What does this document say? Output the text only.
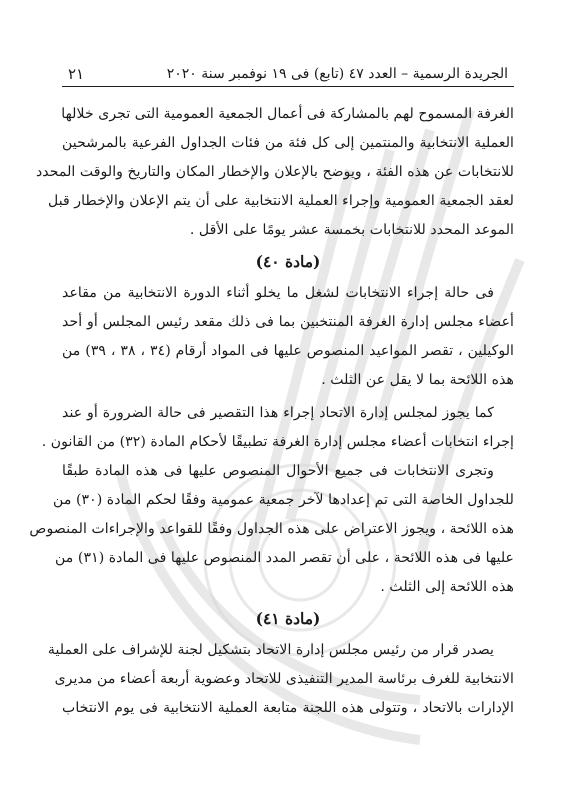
الجريدة الرسمية – العدد ٤٧ (تابع) فى ١٩ نوفمبر سنة ٢٠٢٠
٢١

الغرفة المسموح لهم بالمشاركة فى أعمال الجمعية العمومية التى تجرى خلالها
العملية الانتخابية والمنتمين إلى كل فئة من فئات الجداول الفرعية بالمرشحين
للانتخابات عن هذه الفئة ، ويوضح بالإعلان والإخطار المكان والتاريخ والوقت المحدد
لعقد الجمعية العمومية وإجراء العملية الانتخابية على أن يتم الإعلان والإخطار قبل
الموعد المحدد للانتخابات بخمسة عشر يومًا على الأقل .

(مادة ٤٠)

فى حالة إجراء الانتخابات لشغل ما يخلو أثناء الدورة الانتخابية من مقاعد
أعضاء مجلس إدارة الغرفة المنتخبين بما فى ذلك مقعد رئيس المجلس أو أحد
الوكيلين ، تقصر المواعيد المنصوص عليها فى المواد أرقام (٣٤ ، ٣٨ ، ٣٩) من
هذه اللائحة بما لا يقل عن الثلث .

كما يجوز لمجلس إدارة الاتحاد إجراء هذا التقصير فى حالة الضرورة أو عند
إجراء انتخابات أعضاء مجلس إدارة الغرفة تطبيقًا لأحكام المادة (٣٢) من القانون .

وتجرى الانتخابات فى جميع الأحوال المنصوص عليها فى هذه المادة طبقًا
للجداول الخاصة التى تم إعدادها لآخر جمعية عمومية وفقًا لحكم المادة (٣٠) من
هذه اللائحة ، ويجوز الاعتراض على هذه الجداول وفقًا للقواعد والإجراءات المنصوص
عليها فى هذه اللائحة ، على أن تقصر المدد المنصوص عليها فى المادة (٣١) من
هذه اللائحة إلى الثلث .

(مادة ٤١)

يصدر قرار من رئيس مجلس إدارة الاتحاد بتشكيل لجنة للإشراف على العملية
الانتخابية للغرف برئاسة المدير التنفيذى للاتحاد وعضوية أربعة أعضاء من مديرى
الإدارات بالاتحاد ، وتتولى هذه اللجنة متابعة العملية الانتخابية فى يوم الانتخاب
